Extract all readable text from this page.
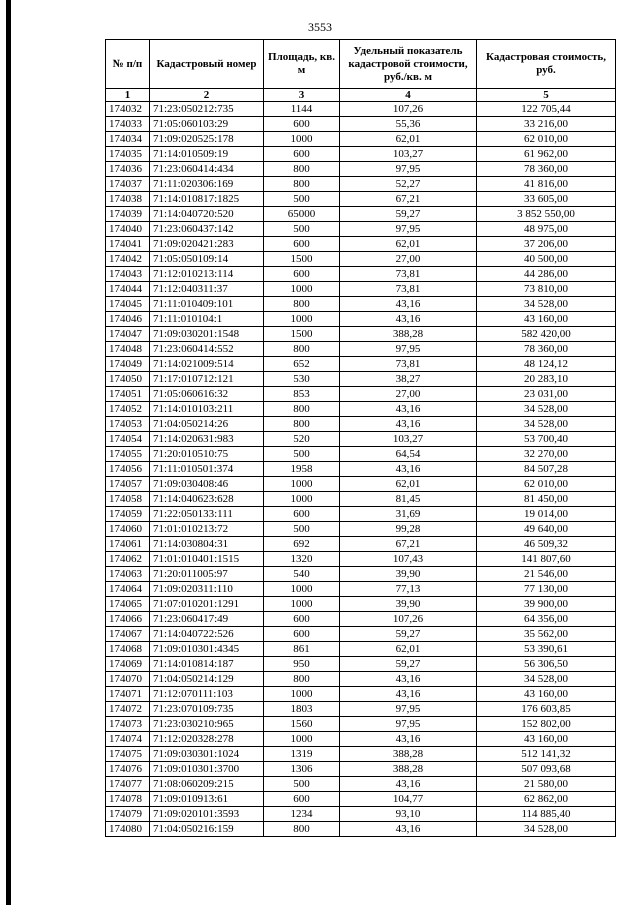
3553
№ п/п	Кадастровый номер	Площадь, кв. м	Удельный показатель кадастровой стоимости, руб./кв. м	Кадастровая стоимость, руб.
1	2	3	4	5
174032	71:23:050212:735	1144	107,26	122 705,44
174033	71:05:060103:29	600	55,36	33 216,00
174034	71:09:020525:178	1000	62,01	62 010,00
174035	71:14:010509:19	600	103,27	61 962,00
174036	71:23:060414:434	800	97,95	78 360,00
174037	71:11:020306:169	800	52,27	41 816,00
174038	71:14:010817:1825	500	67,21	33 605,00
174039	71:14:040720:520	65000	59,27	3 852 550,00
174040	71:23:060437:142	500	97,95	48 975,00
174041	71:09:020421:283	600	62,01	37 206,00
174042	71:05:050109:14	1500	27,00	40 500,00
174043	71:12:010213:114	600	73,81	44 286,00
174044	71:12:040311:37	1000	73,81	73 810,00
174045	71:11:010409:101	800	43,16	34 528,00
174046	71:11:010104:1	1000	43,16	43 160,00
174047	71:09:030201:1548	1500	388,28	582 420,00
174048	71:23:060414:552	800	97,95	78 360,00
174049	71:14:021009:514	652	73,81	48 124,12
174050	71:17:010712:121	530	38,27	20 283,10
174051	71:05:060616:32	853	27,00	23 031,00
174052	71:14:010103:211	800	43,16	34 528,00
174053	71:04:050214:26	800	43,16	34 528,00
174054	71:14:020631:983	520	103,27	53 700,40
174055	71:20:010510:75	500	64,54	32 270,00
174056	71:11:010501:374	1958	43,16	84 507,28
174057	71:09:030408:46	1000	62,01	62 010,00
174058	71:14:040623:628	1000	81,45	81 450,00
174059	71:22:050133:111	600	31,69	19 014,00
174060	71:01:010213:72	500	99,28	49 640,00
174061	71:14:030804:31	692	67,21	46 509,32
174062	71:01:010401:1515	1320	107,43	141 807,60
174063	71:20:011005:97	540	39,90	21 546,00
174064	71:09:020311:110	1000	77,13	77 130,00
174065	71:07:010201:1291	1000	39,90	39 900,00
174066	71:23:060417:49	600	107,26	64 356,00
174067	71:14:040722:526	600	59,27	35 562,00
174068	71:09:010301:4345	861	62,01	53 390,61
174069	71:14:010814:187	950	59,27	56 306,50
174070	71:04:050214:129	800	43,16	34 528,00
174071	71:12:070111:103	1000	43,16	43 160,00
174072	71:23:070109:735	1803	97,95	176 603,85
174073	71:23:030210:965	1560	97,95	152 802,00
174074	71:12:020328:278	1000	43,16	43 160,00
174075	71:09:030301:1024	1319	388,28	512 141,32
174076	71:09:010301:3700	1306	388,28	507 093,68
174077	71:08:060209:215	500	43,16	21 580,00
174078	71:09:010913:61	600	104,77	62 862,00
174079	71:09:020101:3593	1234	93,10	114 885,40
174080	71:04:050216:159	800	43,16	34 528,00
